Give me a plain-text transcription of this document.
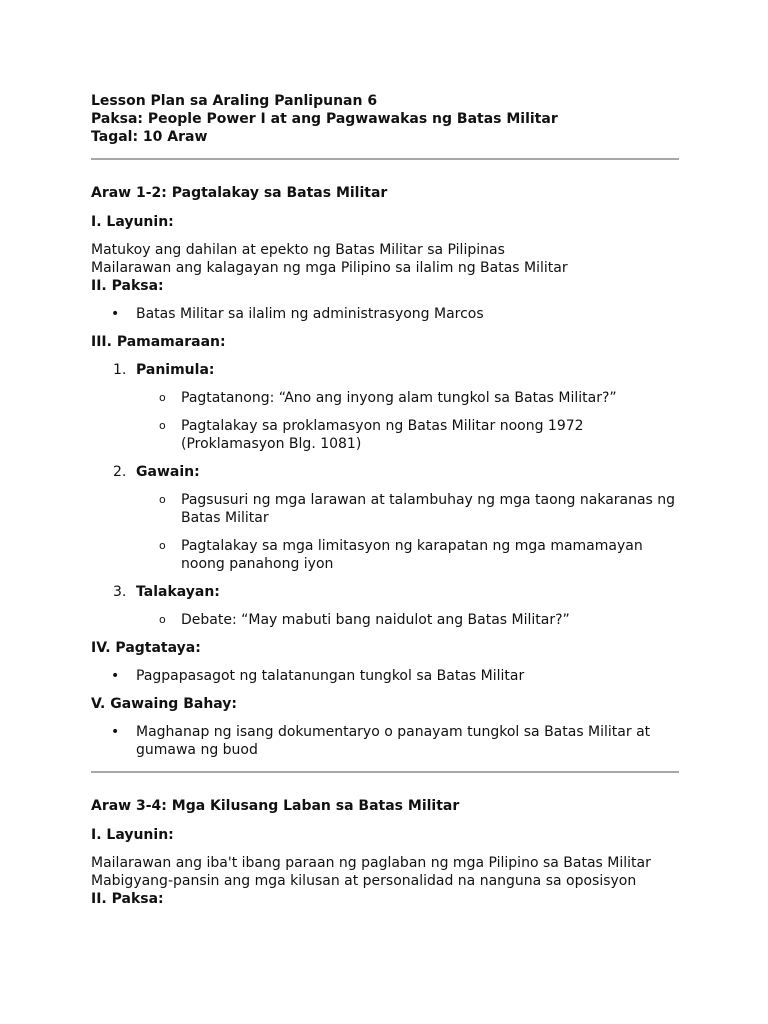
Lesson Plan sa Araling Panlipunan 6

Paksa: People Power I at ang Pagwawakas ng Batas Militar

Tagal: 10 Araw

Araw 1-2: Pagtalakay sa Batas Militar

I. Layunin:

Matukoy ang dahilan at epekto ng Batas Militar sa Pilipinas

Mailarawan ang kalagayan ng mga Pilipino sa ilalim ng Batas Militar

II. Paksa:

• Batas Militar sa ilalim ng administrasyong Marcos

III. Pamamaraan:

1. Panimula:
o Pagtatanong: “Ano ang inyong alam tungkol sa Batas Militar?”
o Pagtalakay sa proklamasyon ng Batas Militar noong 1972 (Proklamasyon Blg. 1081)
2. Gawain:
o Pagsusuri ng mga larawan at talambuhay ng mga taong nakaranas ng Batas Militar
o Pagtalakay sa mga limitasyon ng karapatan ng mga mamamayan noong panahong iyon
3. Talakayan:
o Debate: “May mabuti bang naidulot ang Batas Militar?”

IV. Pagtataya:

• Pagpapasagot ng talatanungan tungkol sa Batas Militar

V. Gawaing Bahay:

• Maghanap ng isang dokumentaryo o panayam tungkol sa Batas Militar at gumawa ng buod

Araw 3-4: Mga Kilusang Laban sa Batas Militar

I. Layunin:

Mailarawan ang iba't ibang paraan ng paglaban ng mga Pilipino sa Batas Militar

Mabigyang-pansin ang mga kilusan at personalidad na nanguna sa oposisyon

II. Paksa:
